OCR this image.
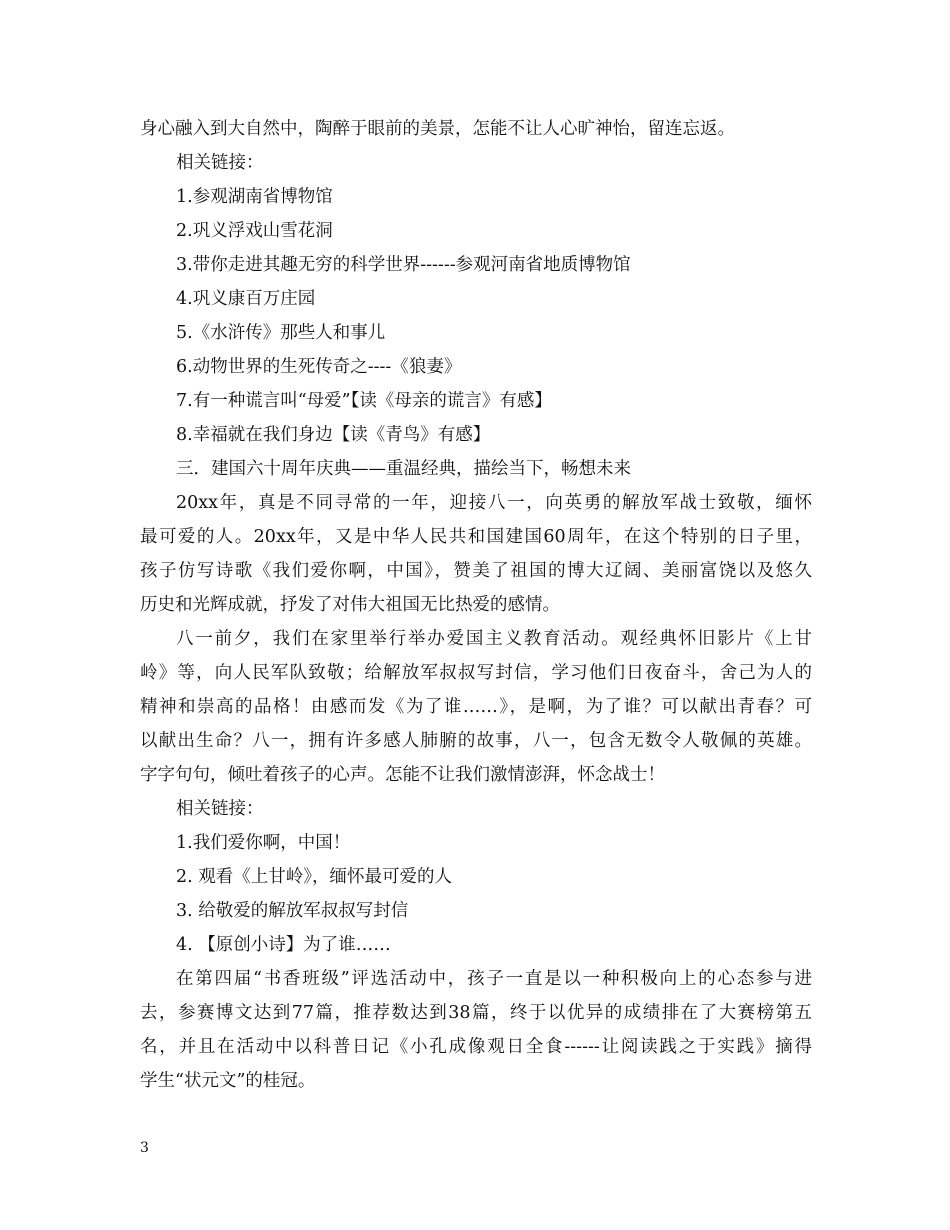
身心融入到大自然中，陶醉于眼前的美景，怎能不让人心旷神怡，留连忘返。
相关链接：
1.参观湖南省博物馆
2.巩义浮戏山雪花洞
3.带你走进其趣无穷的科学世界------参观河南省地质博物馆
4.巩义康百万庄园
5.《水浒传》那些人和事儿
6.动物世界的生死传奇之----《狼妻》
7.有一种谎言叫“母爱”【读《母亲的谎言》有感】
8.幸福就在我们身边【读《青鸟》有感】
三．建国六十周年庆典——重温经典，描绘当下，畅想未来
20xx年，真是不同寻常的一年，迎接八一，向英勇的解放军战士致敬，缅怀
最可爱的人。20xx年，又是中华人民共和国建国60周年，在这个特别的日子里，
孩子仿写诗歌《我们爱你啊，中国》，赞美了祖国的博大辽阔、美丽富饶以及悠久
历史和光辉成就，抒发了对伟大祖国无比热爱的感情。
八一前夕，我们在家里举行举办爱国主义教育活动。观经典怀旧影片《上甘
岭》等，向人民军队致敬；给解放军叔叔写封信，学习他们日夜奋斗，舍己为人的
精神和崇高的品格！由感而发《为了谁……》，是啊，为了谁？可以献出青春？可
以献出生命？八一，拥有许多感人肺腑的故事，八一，包含无数令人敬佩的英雄。
字字句句，倾吐着孩子的心声。怎能不让我们激情澎湃，怀念战士！
相关链接：
1.我们爱你啊，中国！
2. 观看《上甘岭》，缅怀最可爱的人
3. 给敬爱的解放军叔叔写封信
4. 【原创小诗】为了谁……
在第四届“书香班级”评选活动中，孩子一直是以一种积极向上的心态参与进
去，参赛博文达到77篇，推荐数达到38篇，终于以优异的成绩排在了大赛榜第五
名，并且在活动中以科普日记《小孔成像观日全食------让阅读践之于实践》摘得
学生“状元文”的桂冠。
3
